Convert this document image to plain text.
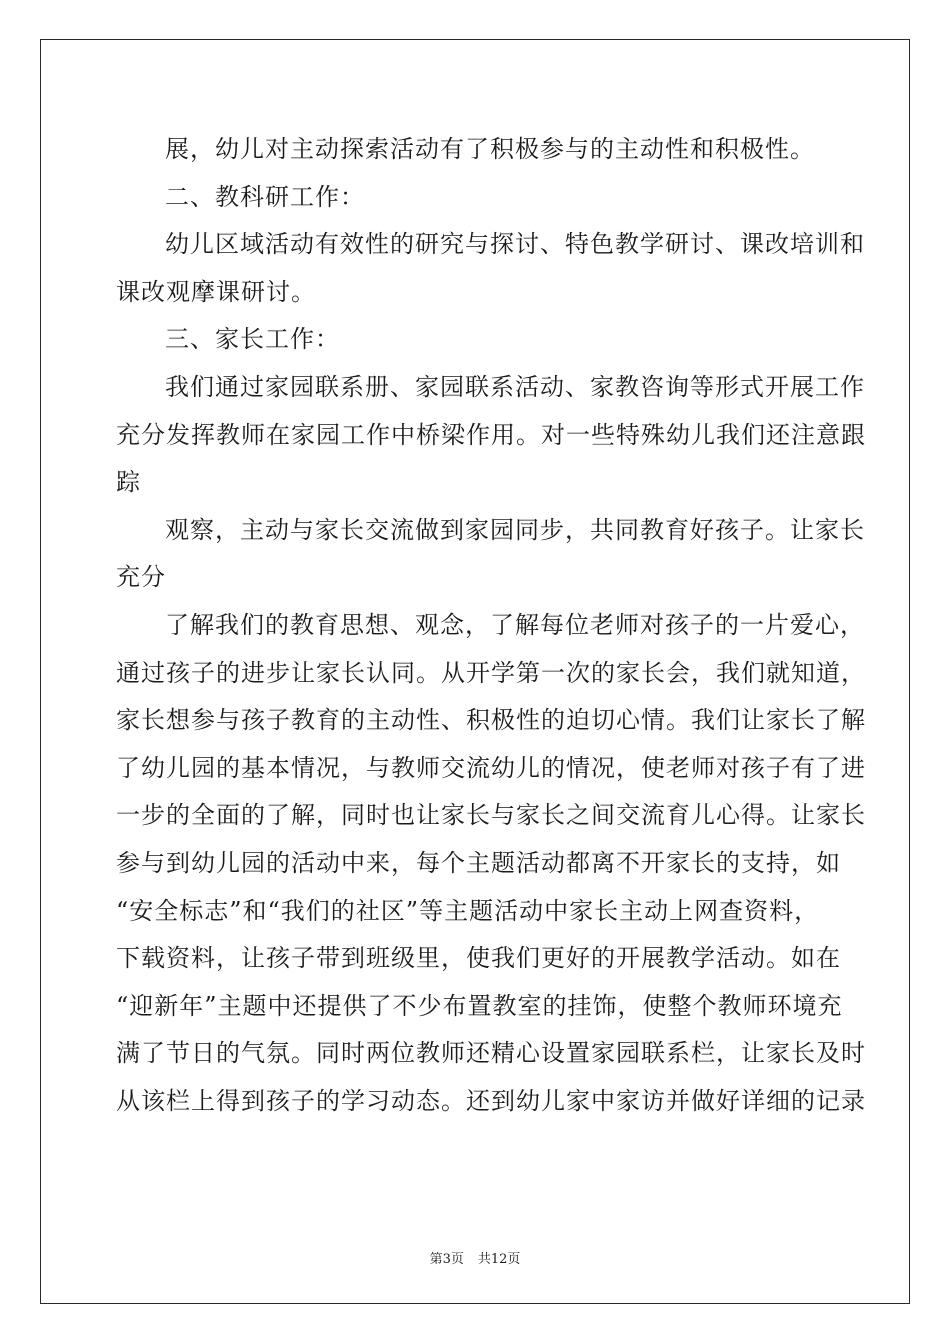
展，幼儿对主动探索活动有了积极参与的主动性和积极性。
二、教科研工作：
幼儿区域活动有效性的研究与探讨、特色教学研讨、课改培训和
课改观摩课研讨。
三、家长工作：
我们通过家园联系册、家园联系活动、家教咨询等形式开展工作
充分发挥教师在家园工作中桥梁作用。对一些特殊幼儿我们还注意跟
踪
观察，主动与家长交流做到家园同步，共同教育好孩子。让家长
充分
了解我们的教育思想、观念，了解每位老师对孩子的一片爱心，
通过孩子的进步让家长认同。从开学第一次的家长会，我们就知道，
家长想参与孩子教育的主动性、积极性的迫切心情。我们让家长了解
了幼儿园的基本情况，与教师交流幼儿的情况，使老师对孩子有了进
一步的全面的了解，同时也让家长与家长之间交流育儿心得。让家长
参与到幼儿园的活动中来，每个主题活动都离不开家长的支持，如
“安全标志”和“我们的社区”等主题活动中家长主动上网查资料，
下载资料，让孩子带到班级里，使我们更好的开展教学活动。如在
“迎新年”主题中还提供了不少布置教室的挂饰，使整个教师环境充
满了节日的气氛。同时两位教师还精心设置家园联系栏，让家长及时
从该栏上得到孩子的学习动态。还到幼儿家中家访并做好详细的记录
第3页 共12页
